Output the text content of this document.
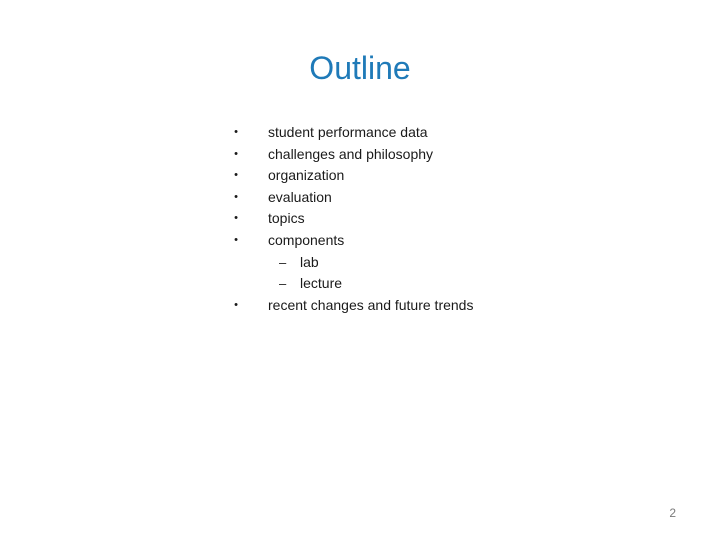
Outline
• student performance data
• challenges and philosophy
• organization
• evaluation
• topics
• components
– lab
– lecture
• recent changes and future trends
2
